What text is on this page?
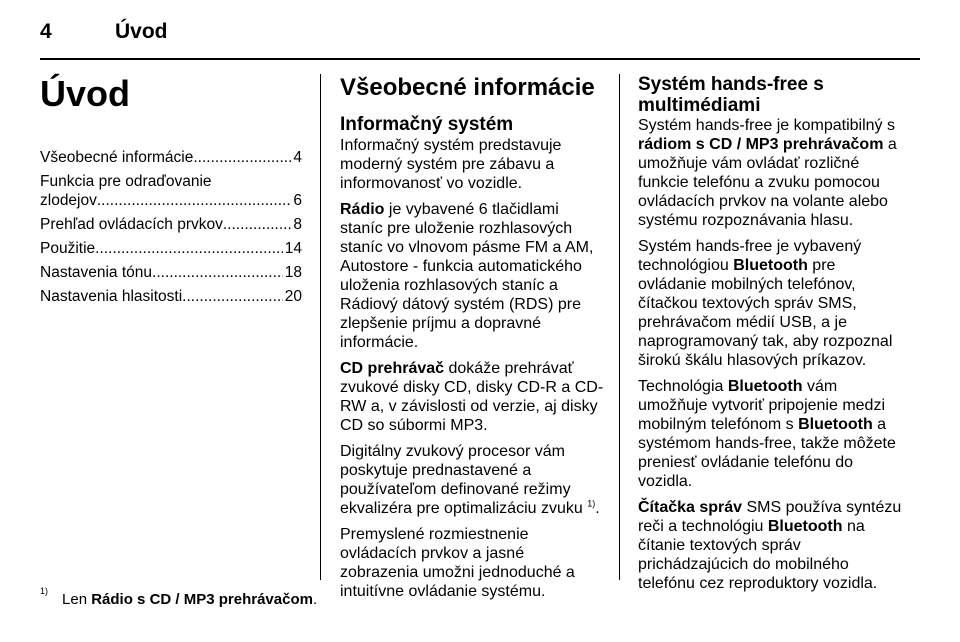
4	Úvod
Úvod
Všeobecné informácie .....	4
Funkcia pre odraďovanie
zlodejov .....	6
Prehľad ovládacích prvkov .....	8
Použitie .....	14
Nastavenia tónu .....	18
Nastavenia hlasitosti .....	20
Všeobecné informácie
Informačný systém

Informačný systém predstavuje moderný systém pre zábavu a informovanosť vo vozidle.

Rádio je vybavené 6 tlačidlami staníc pre uloženie rozhlasových staníc vo vlnovom pásme FM a AM, Autostore - funkcia automatického uloženia rozhlasových staníc a Rádiový dátový systém (RDS) pre zlepšenie príjmu a dopravné informácie.

CD prehrávač dokáže prehrávať zvukové disky CD, disky CD-R a CD-RW a, v závislosti od verzie, aj disky CD so súbormi MP3.

Digitálny zvukový procesor vám poskytuje prednastavené a používateľom definované režimy ekvalizéra pre optimalizáciu zvuku $^{1)}$.

Premyslené rozmiestnenie ovládacích prvkov a jasné zobrazenia umožni jednoduché a intuitívne ovládanie systému.

Systém hands-free s
multimédiami

Systém hands-free je kompatibilný s rádiom s CD / MP3 prehrávačom a umožňuje vám ovládať rozličné funkcie telefónu a zvuku pomocou ovládacích prvkov na volante alebo systému rozpoznávania hlasu.

Systém hands-free je vybavený technológiou Bluetooth pre ovládanie mobilných telefónov, čítačkou textových správ SMS, prehrávačom médií USB, a je naprogramovaný tak, aby rozpoznal širokú škálu hlasových príkazov.

Technológia Bluetooth vám umožňuje vytvoriť pripojenie medzi mobilným telefónom s Bluetooth a systémom hands-free, takže môžete preniesť ovládanie telefónu do vozidla.

Čítačka správ SMS používa syntézu reči a technológiu Bluetooth na čítanie textových správ prichádzajúcich do mobilného telefónu cez reproduktory vozidla.

$^{1)}$ Len Rádio s CD / MP3 prehrávačom.
